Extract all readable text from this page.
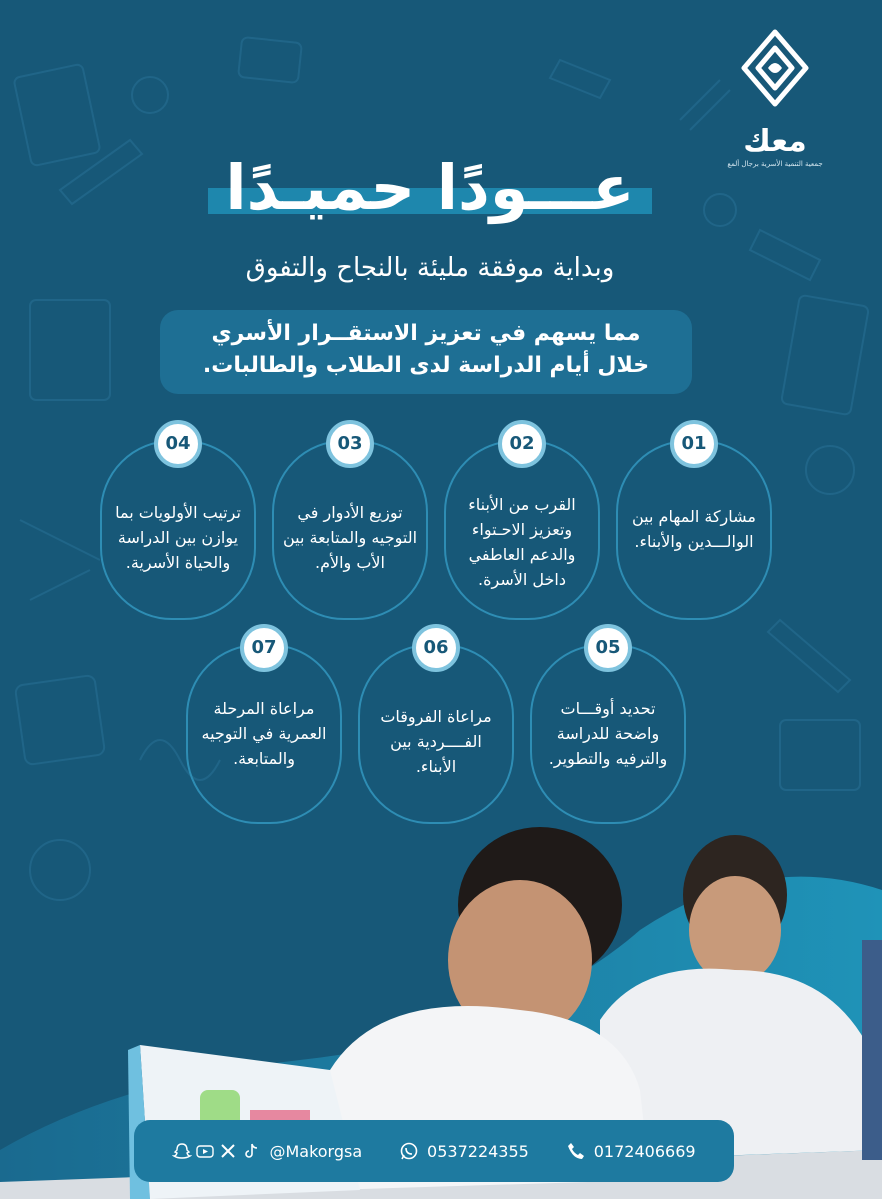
معك
جمعية التنمية الأسرية برجال ألمع
عـــودًا حميـدًا
وبداية موفقة مليئة بالنجاح والتفوق
مما يسهم في تعزيز الاستقــرار الأسري
خلال أيام الدراسة لدى الطلاب والطالبات.
01
مشاركة المهام بين الوالـــدين والأبناء.
02
القرب من الأبناء وتعزيز الاحـتواء والدعم العاطفي داخل الأسرة.
03
توزيع الأدوار في التوجيه والمتابعة بين الأب والأم.
04
ترتيب الأولويات بما يوازن بين الدراسة والحياة الأسرية.
05
تحديد أوقـــات واضحة للدراسة والترفيه والتطوير.
06
مراعاة الفروقات الفــــردية بين الأبناء.
07
مراعاة المرحلة العمرية في التوجيه والمتابعة.
@Makorgsa	0537224355	0172406669
